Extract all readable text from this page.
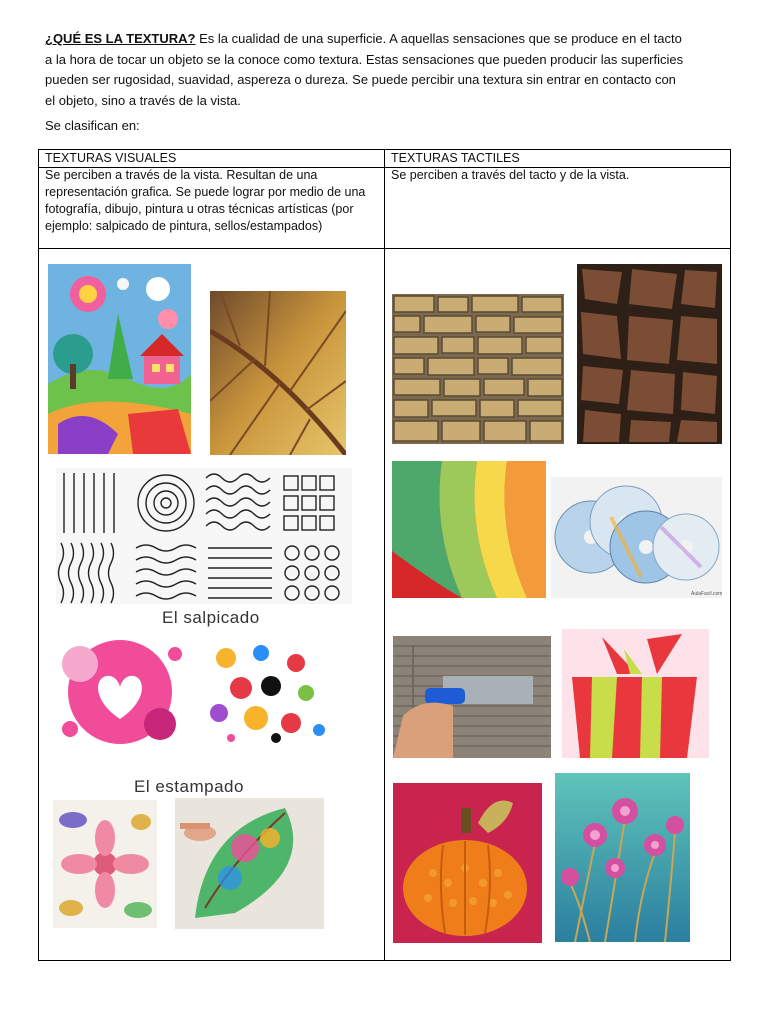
¿QUÉ ES LA TEXTURA? Es la cualidad de una superficie. A aquellas sensaciones que se produce en el tacto a la hora de tocar un objeto se la conoce como textura. Estas sensaciones que pueden producir las superficies pueden ser rugosidad, suavidad, aspereza o dureza. Se puede percibir una textura sin entrar en contacto con el objeto, sino a través de la vista.
Se clasifican en:
TEXTURAS VISUALES	TEXTURAS TACTILES
Se perciben a través de la vista. Resultan de una representación grafica. Se puede lograr por medio de una fotografía, dibujo, pintura u otras técnicas artísticas (por ejemplo: salpicado de pintura, sellos/estampados)
Se perciben a través del tacto y de la vista.
El salpicado
El estampado
AulaFacil.com
